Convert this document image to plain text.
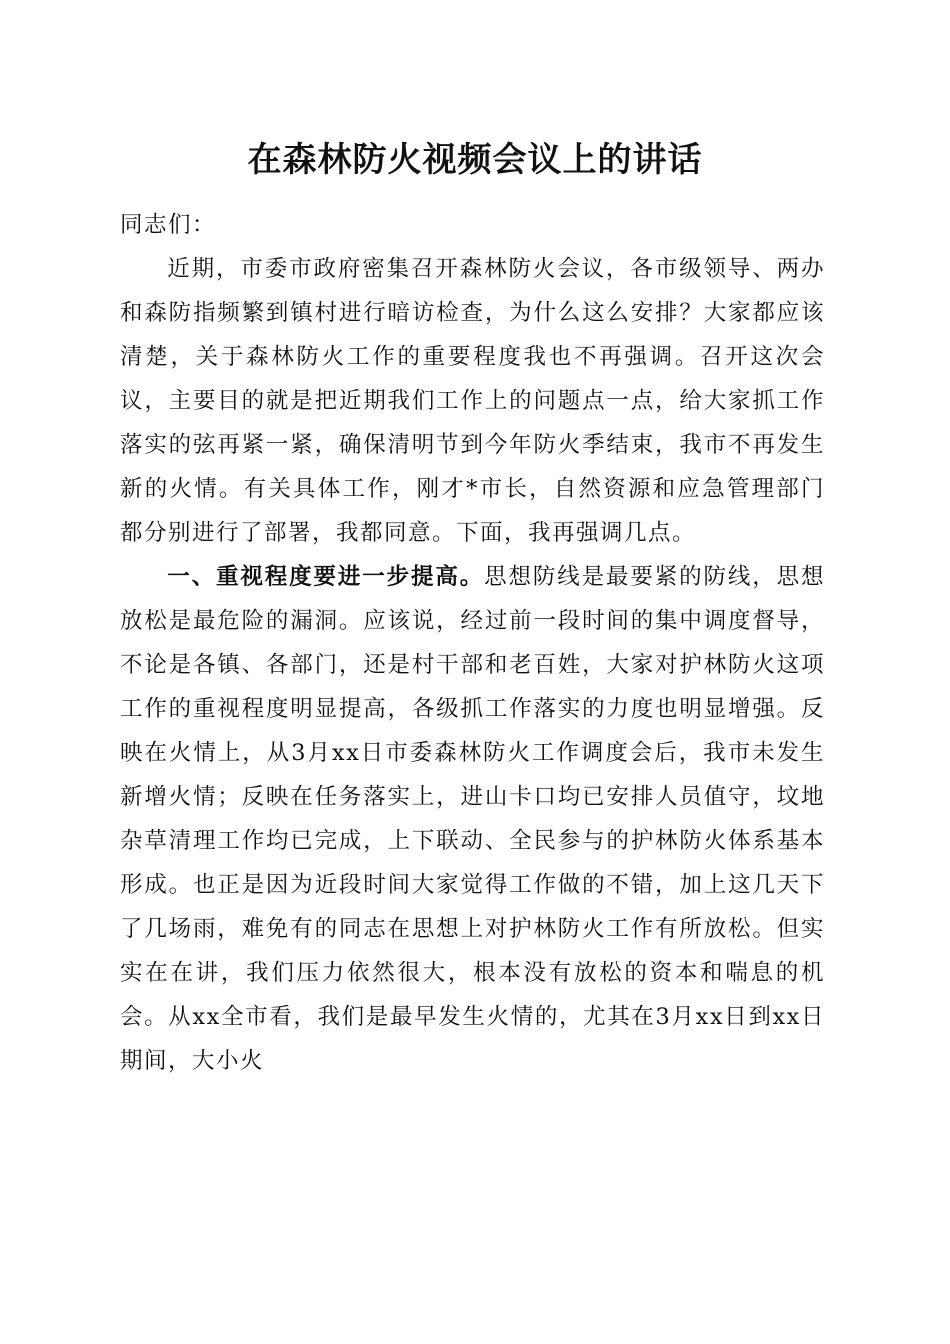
在森林防火视频会议上的讲话

同志们：

近期，市委市政府密集召开森林防火会议，各市级领导、两办和森防指频繁到镇村进行暗访检查，为什么这么安排？大家都应该清楚，关于森林防火工作的重要程度我也不再强调。召开这次会议，主要目的就是把近期我们工作上的问题点一点，给大家抓工作落实的弦再紧一紧，确保清明节到今年防火季结束，我市不再发生新的火情。有关具体工作，刚才*市长，自然资源和应急管理部门都分别进行了部署，我都同意。下面，我再强调几点。

一、重视程度要进一步提高。思想防线是最要紧的防线，思想放松是最危险的漏洞。应该说，经过前一段时间的集中调度督导，不论是各镇、各部门，还是村干部和老百姓，大家对护林防火这项工作的重视程度明显提高，各级抓工作落实的力度也明显增强。反映在火情上，从3月xx日市委森林防火工作调度会后，我市未发生新增火情；反映在任务落实上，进山卡口均已安排人员值守，坟地杂草清理工作均已完成，上下联动、全民参与的护林防火体系基本形成。也正是因为近段时间大家觉得工作做的不错，加上这几天下了几场雨，难免有的同志在思想上对护林防火工作有所放松。但实实在在讲，我们压力依然很大，根本没有放松的资本和喘息的机会。从xx全市看，我们是最早发生火情的，尤其在3月xx日到xx日期间，大小火
